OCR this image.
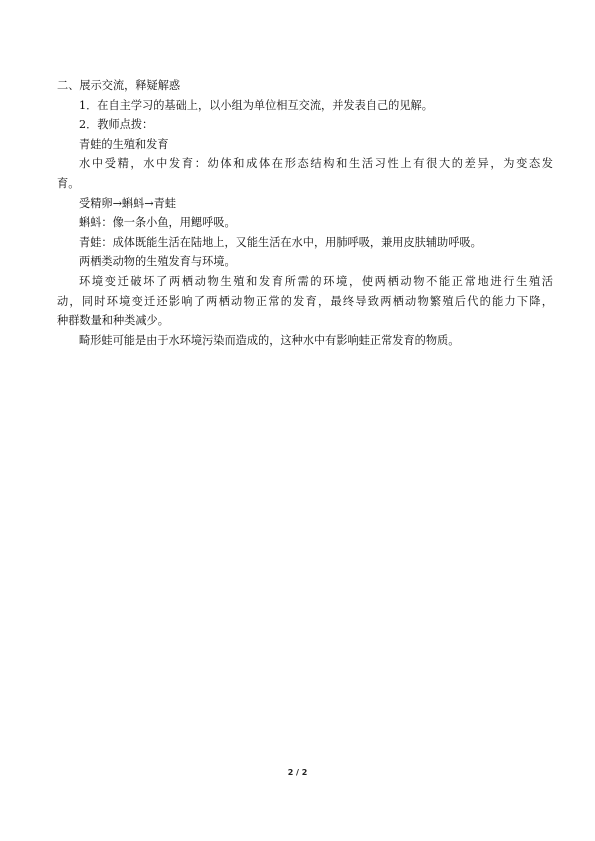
二、展示交流，释疑解惑

1．在自主学习的基础上，以小组为单位相互交流，并发表自己的见解。

2．教师点拨：

青蛙的生殖和发育

水中受精，水中发育：幼体和成体在形态结构和生活习性上有很大的差异，为变态发

育。

受精卵→蝌蚪→青蛙

蝌蚪：像一条小鱼，用鳃呼吸。

青蛙：成体既能生活在陆地上，又能生活在水中，用肺呼吸，兼用皮肤辅助呼吸。

两栖类动物的生殖发育与环境。

环境变迁破坏了两栖动物生殖和发育所需的环境，使两栖动物不能正常地进行生殖活

动，同时环境变迁还影响了两栖动物正常的发育，最终导致两栖动物繁殖后代的能力下降，

种群数量和种类减少。

畸形蛙可能是由于水环境污染而造成的，这种水中有影响蛙正常发育的物质。

2 / 2
